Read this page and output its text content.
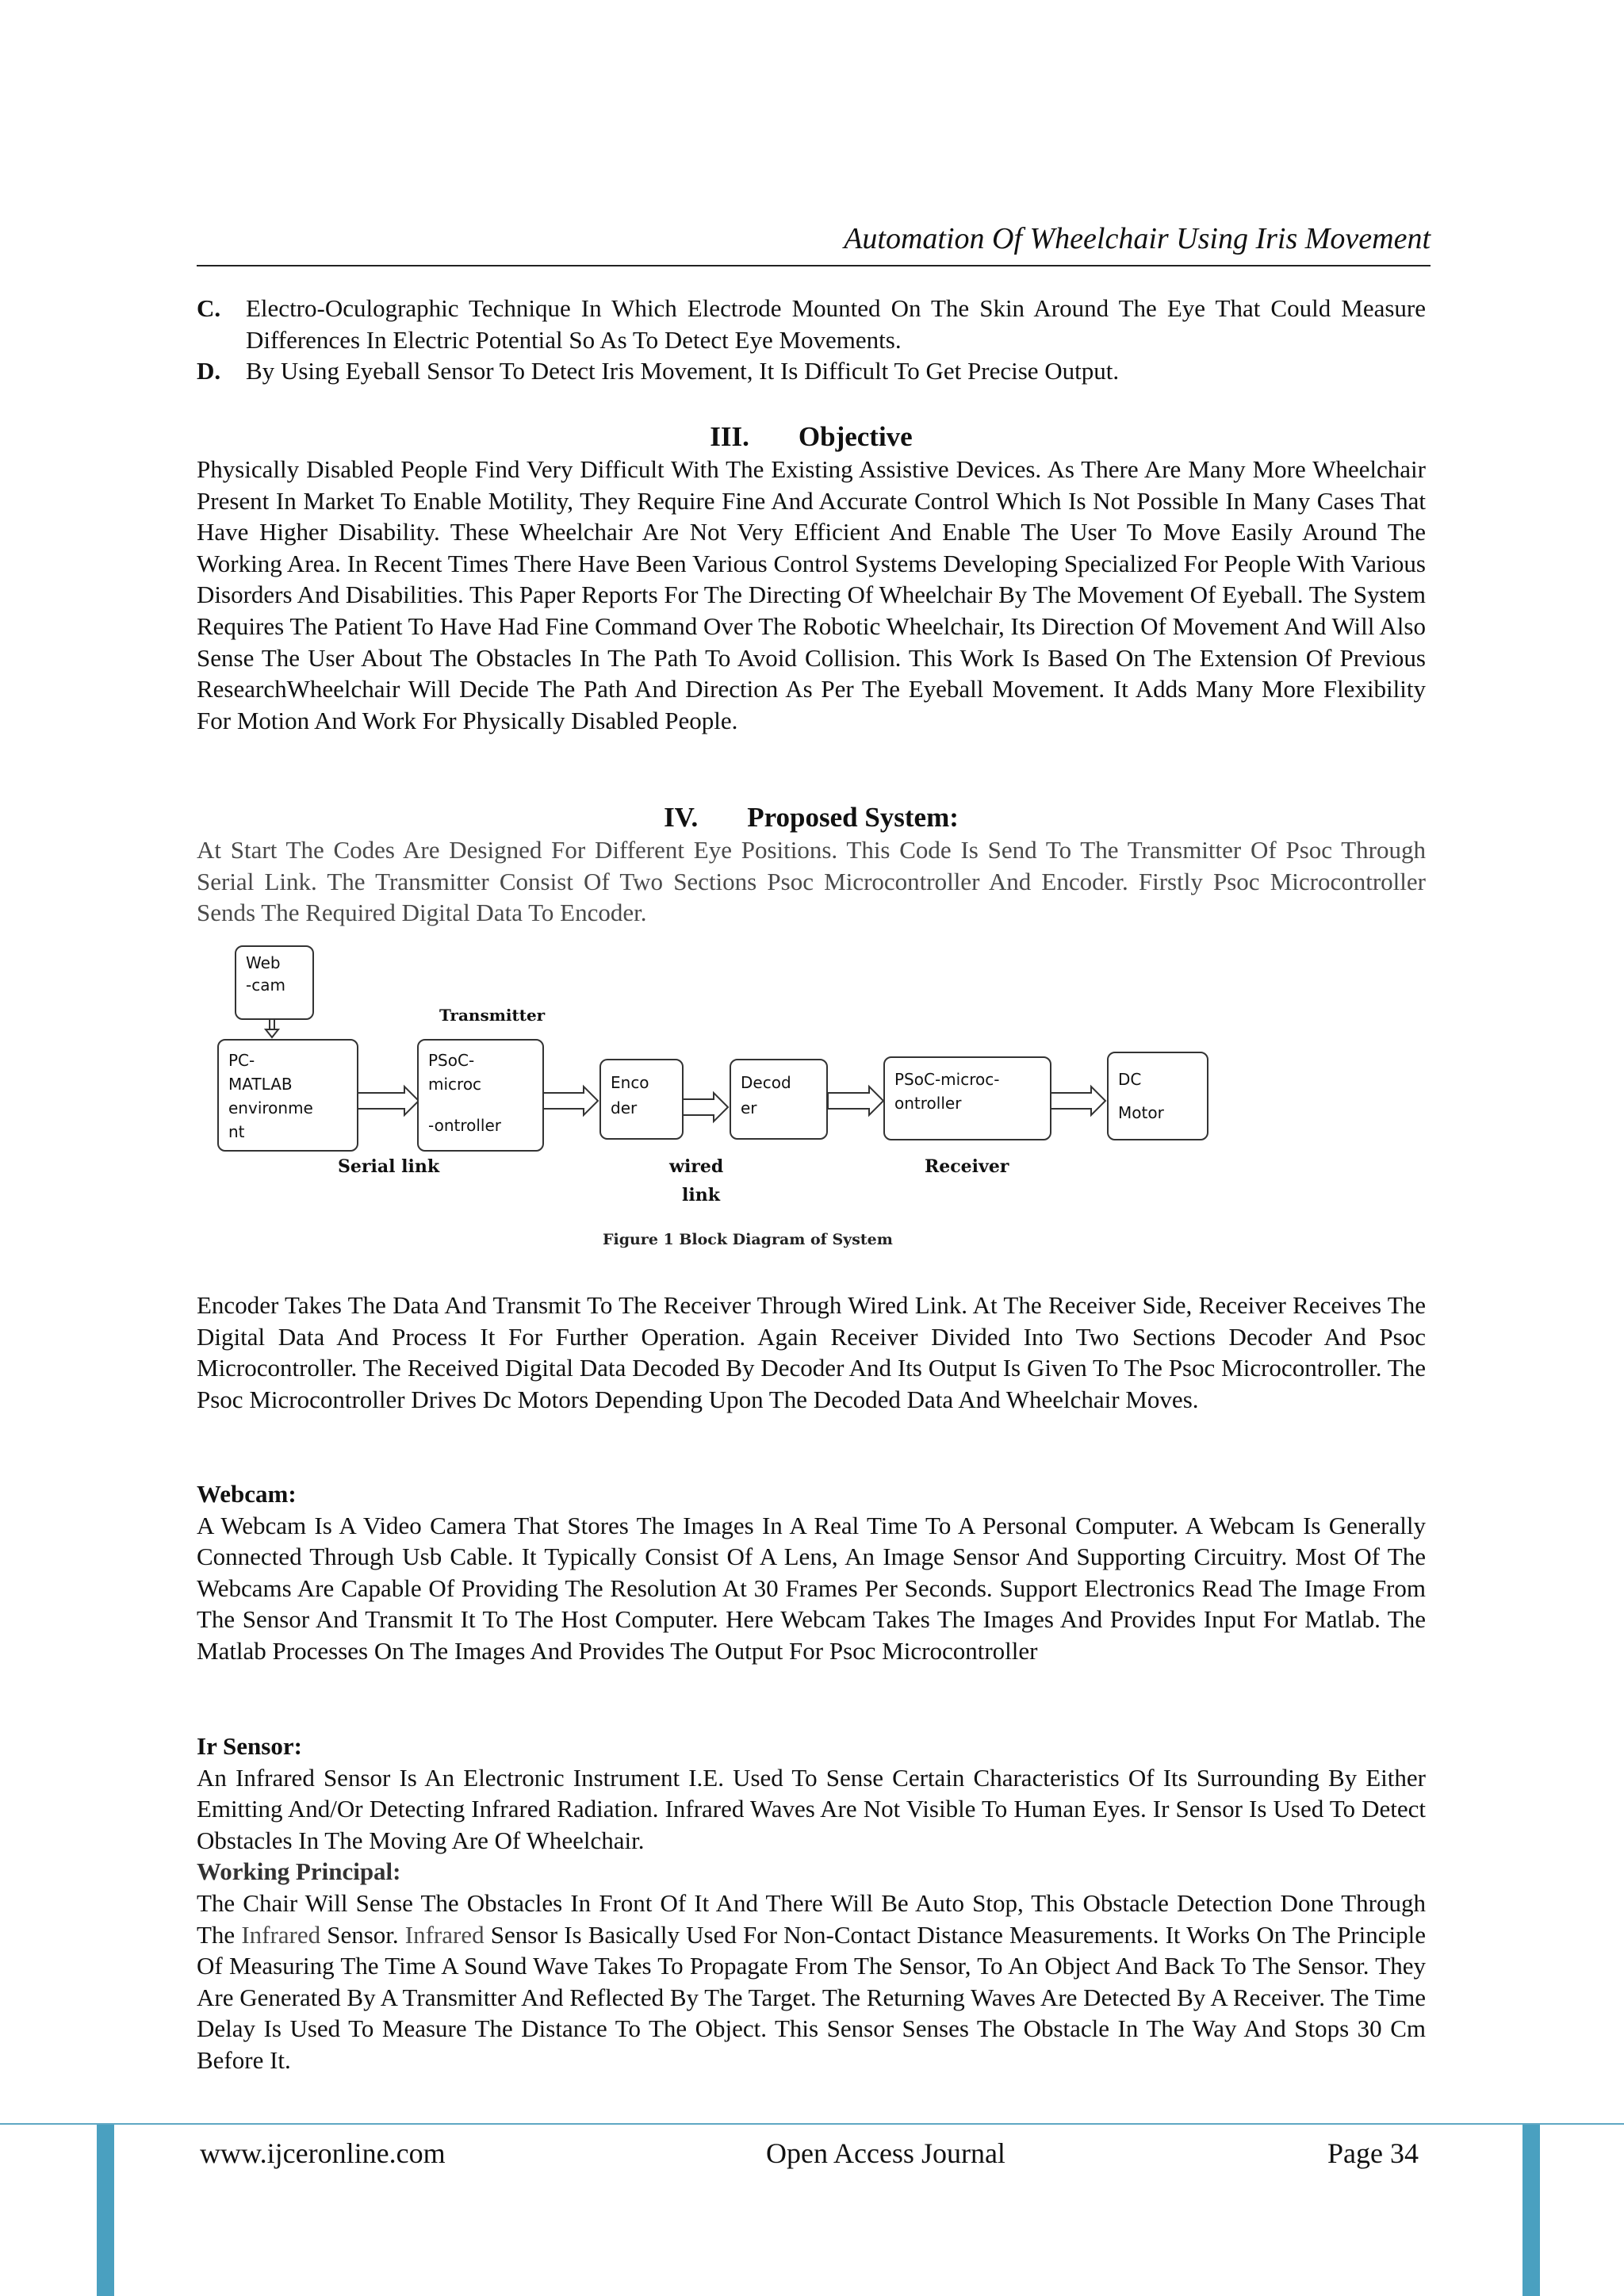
Automation Of Wheelchair Using Iris Movement
C. Electro-Oculographic Technique In Which Electrode Mounted On The Skin Around The Eye That Could Measure Differences In Electric Potential So As To Detect Eye Movements.
D. By Using Eyeball Sensor To Detect Iris Movement, It Is Difficult To Get Precise Output.
III. Objective

Physically Disabled People Find Very Difficult With The Existing Assistive Devices. As There Are Many More Wheelchair Present In Market To Enable Motility, They Require Fine And Accurate Control Which Is Not Possible In Many Cases That Have Higher Disability. These Wheelchair Are Not Very Efficient And Enable The User To Move Easily Around The Working Area. In Recent Times There Have Been Various Control Systems Developing Specialized For People With Various Disorders And Disabilities. This Paper Reports For The Directing Of Wheelchair By The Movement Of Eyeball. The System Requires The Patient To Have Had Fine Command Over The Robotic Wheelchair, Its Direction Of Movement And Will Also Sense The User About The Obstacles In The Path To Avoid Collision. This Work Is Based On The Extension Of Previous ResearchWheelchair Will Decide The Path And Direction As Per The Eyeball Movement. It Adds Many More Flexibility For Motion And Work For Physically Disabled People.

IV. Proposed System:

At Start The Codes Are Designed For Different Eye Positions. This Code Is Send To The Transmitter Of Psoc Through Serial Link. The Transmitter Consist Of Two Sections Psoc Microcontroller And Encoder. Firstly Psoc Microcontroller Sends The Required Digital Data To Encoder.

Web
-cam
PC-
MATLAB
environme
nt
Transmitter
PSoC-
microc
-ontroller
Enco
der
Decod
er
PSoC-microc-
ontroller
DC
Motor
Serial link	wired
link
Receiver
Figure 1 Block Diagram of System

Encoder Takes The Data And Transmit To The Receiver Through Wired Link. At The Receiver Side, Receiver Receives The Digital Data And Process It For Further Operation. Again Receiver Divided Into Two Sections Decoder And Psoc Microcontroller. The Received Digital Data Decoded By Decoder And Its Output Is Given To The Psoc Microcontroller. The Psoc Microcontroller Drives Dc Motors Depending Upon The Decoded Data And Wheelchair Moves.

Webcam:

A Webcam Is A Video Camera That Stores The Images In A Real Time To A Personal Computer. A Webcam Is Generally Connected Through Usb Cable. It Typically Consist Of A Lens, An Image Sensor And Supporting Circuitry. Most Of The Webcams Are Capable Of Providing The Resolution At 30 Frames Per Seconds. Support Electronics Read The Image From The Sensor And Transmit It To The Host Computer. Here Webcam Takes The Images And Provides Input For Matlab. The Matlab Processes On The Images And Provides The Output For Psoc Microcontroller

Ir Sensor:

An Infrared Sensor Is An Electronic Instrument I.E. Used To Sense Certain Characteristics Of Its Surrounding By Either Emitting And/Or Detecting Infrared Radiation. Infrared Waves Are Not Visible To Human Eyes. Ir Sensor Is Used To Detect Obstacles In The Moving Are Of Wheelchair.

Working Principal:

The Chair Will Sense The Obstacles In Front Of It And There Will Be Auto Stop, This Obstacle Detection Done Through The Infrared Sensor. Infrared Sensor Is Basically Used For Non-Contact Distance Measurements. It Works On The Principle Of Measuring The Time A Sound Wave Takes To Propagate From The Sensor, To An Object And Back To The Sensor. They Are Generated By A Transmitter And Reflected By The Target. The Returning Waves Are Detected By A Receiver. The Time Delay Is Used To Measure The Distance To The Object. This Sensor Senses The Obstacle In The Way And Stops 30 Cm Before It.

www.ijceronline.com	Open Access Journal	Page 34
